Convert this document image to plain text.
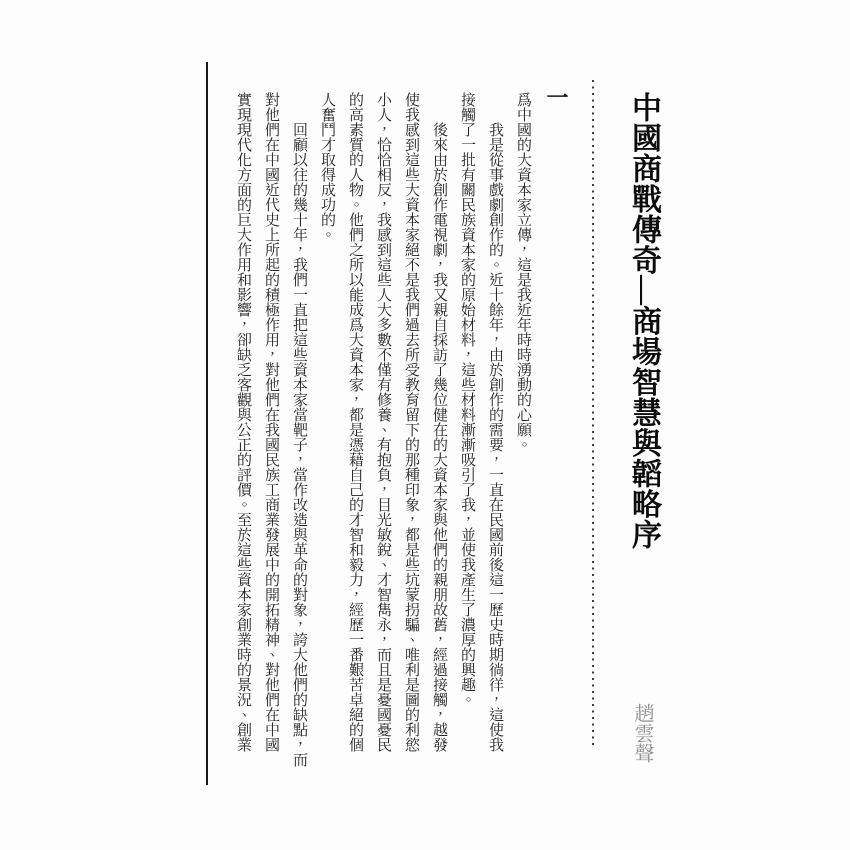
中國商戰傳奇—商場智慧與韜略序
趙雲聲
一
爲中國的大資本家立傳，這是我近年時時湧動的心願。
我是從事戲劇創作的。近十餘年，由於創作的需要，一直在民國前後這一歷史時期徜徉，這使我
接觸了一批有關民族資本家的原始材料，這些材料漸漸吸引了我，並使我產生了濃厚的興趣。
後來由於創作電視劇，我又親自採訪了幾位健在的大資本家與他們的親朋故舊，經過接觸，越發
使我感到這些大資本家絕不是我們過去所受教育留下的那種印象，都是些坑蒙拐騙、唯利是圖的利慾
小人，恰恰相反，我感到這些人大多數不僅有修養、有抱負，目光敏銳、才智雋永，而且是憂國憂民
的高素質的人物。他們之所以能成爲大資本家，都是憑藉自己的才智和毅力，經歷一番艱苦卓絕的個
人奮鬥才取得成功的。
回顧以往的幾十年，我們一直把這些資本家當靶子，當作改造與革命的對象，誇大他們的缺點，而
對他們在中國近代史上所起的積極作用，對他們在我國民族工商業發展中的開拓精神、對他們在中國
實現現代化方面的巨大作用和影響，卻缺乏客觀與公正的評價。至於這些資本家創業時的景況、創業
